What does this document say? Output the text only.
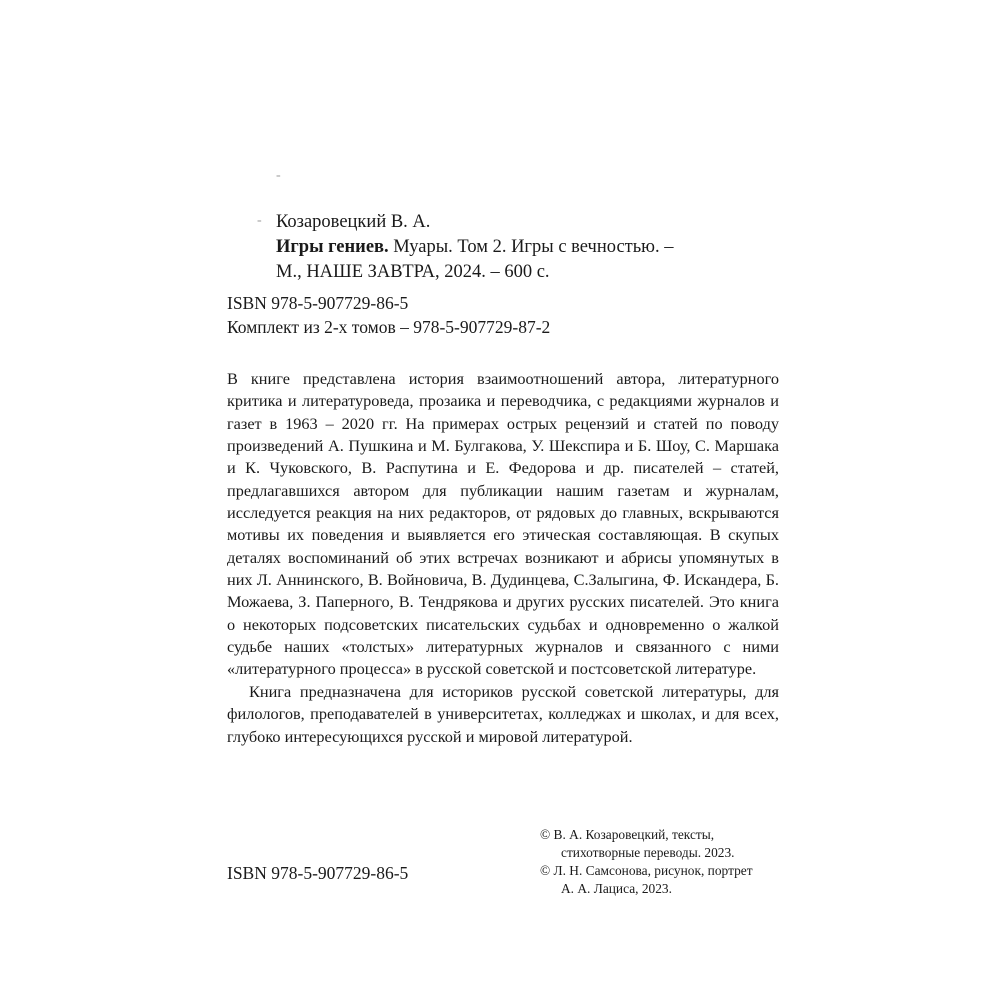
-
- Козаровецкий В. А.
Игры гениев. Муары. Том 2. Игры с вечностью. –
М., НАШЕ ЗАВТРА, 2024. – 600 с.
ISBN 978-5-907729-86-5
Комплект из 2-х томов – 978-5-907729-87-2

В книге представлена история взаимоотношений автора, литературного критика и литературоведа, прозаика и переводчика, с редакциями журналов и газет в 1963 – 2020 гг. На примерах острых рецензий и статей по поводу произведений А. Пушкина и М. Булгакова, У. Шекспира и Б. Шоу, С. Маршака и К. Чуковского, В. Распутина и Е. Федорова и др. писателей – статей, предлагавшихся автором для публикации нашим газетам и журналам, исследуется реакция на них редакторов, от рядовых до главных, вскрываются мотивы их поведения и выявляется его этическая составляющая. В скупых деталях воспоминаний об этих встречах возникают и абрисы упомянутых в них Л. Аннинского, В. Войновича, В. Дудинцева, С.Залыгина, Ф. Искандера, Б. Можаева, З. Паперного, В. Тендрякова и других русских писателей. Это книга о некоторых подсоветских писательских судьбах и одновременно о жалкой судьбе наших «толстых» литературных журналов и связанного с ними «литературного процесса» в русской советской и постсоветской литературе.

Книга предназначена для историков русской советской литературы, для филологов, преподавателей в университетах, колледжах и школах, и для всех, глубоко интересующихся русской и мировой литературой.

© В. А. Козаровецкий, тексты,
стихотворные переводы. 2023.
© Л. Н. Самсонова, рисунок, портрет
А. А. Лациса, 2023.
ISBN 978-5-907729-86-5
